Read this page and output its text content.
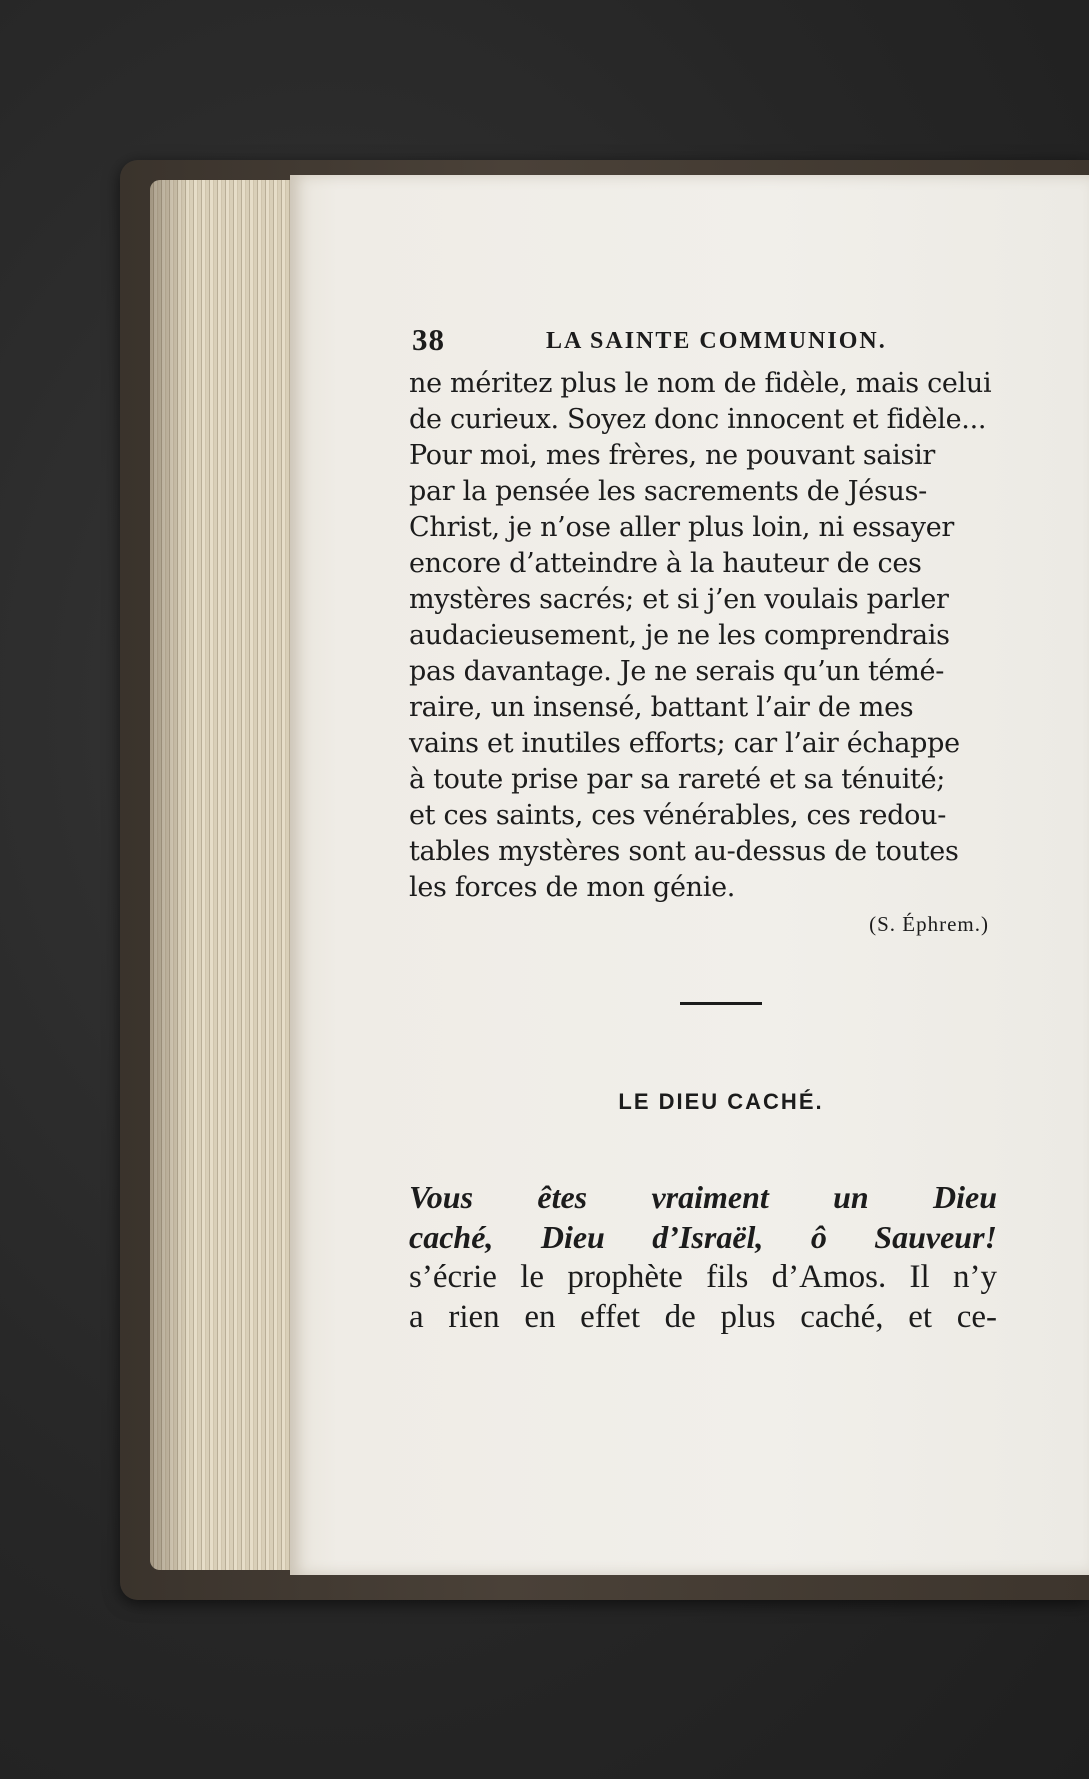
38	LA SAINTE COMMUNION.
ne méritez plus le nom de fidèle, mais celui
de curieux. Soyez donc innocent et fidèle...
Pour moi, mes frères, ne pouvant saisir
par la pensée les sacrements de Jésus-
Christ, je n’ose aller plus loin, ni essayer
encore d’atteindre à la hauteur de ces
mystères sacrés; et si j’en voulais parler
audacieusement, je ne les comprendrais
pas davantage. Je ne serais qu’un témé-
raire, un insensé, battant l’air de mes
vains et inutiles efforts; car l’air échappe
à toute prise par sa rareté et sa ténuité;
et ces saints, ces vénérables, ces redou-
tables mystères sont au-dessus de toutes
les forces de mon génie.
(S. Éphrem.)
LE DIEU CACHÉ.
Vous êtes vraiment un Dieu
caché, Dieu d’Israël, ô Sauveur!
s’écrie le prophète fils d’Amos. Il n’y
a rien en effet de plus caché, et ce-
